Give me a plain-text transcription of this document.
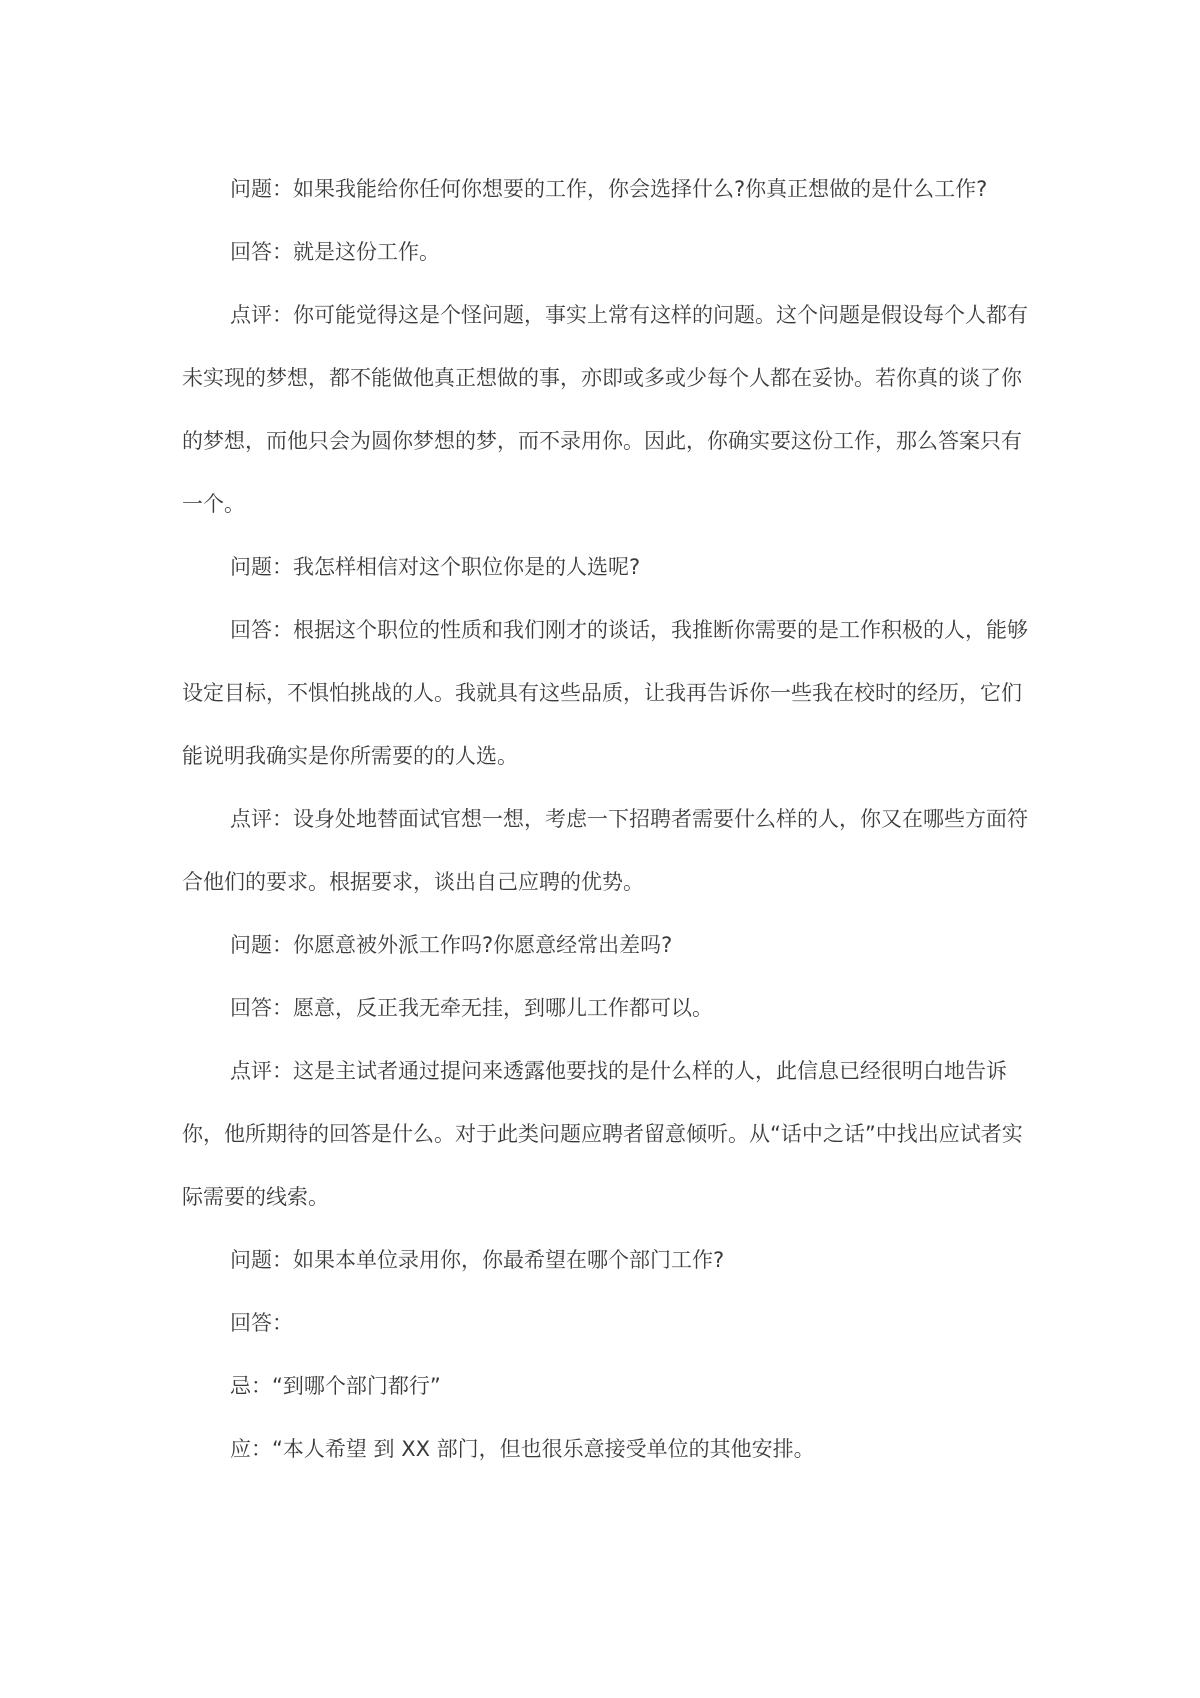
问题：如果我能给你任何你想要的工作，你会选择什么?你真正想做的是什么工作?

回答：就是这份工作。

点评：你可能觉得这是个怪问题，事实上常有这样的问题。这个问题是假设每个人都有未实现的梦想，都不能做他真正想做的事，亦即或多或少每个人都在妥协。若你真的谈了你的梦想，而他只会为圆你梦想的梦，而不录用你。因此，你确实要这份工作，那么答案只有一个。

问题：我怎样相信对这个职位你是的人选呢?

回答：根据这个职位的性质和我们刚才的谈话，我推断你需要的是工作积极的人，能够设定目标，不惧怕挑战的人。我就具有这些品质，让我再告诉你一些我在校时的经历，它们能说明我确实是你所需要的的人选。

点评：设身处地替面试官想一想，考虑一下招聘者需要什么样的人，你又在哪些方面符合他们的要求。根据要求，谈出自己应聘的优势。

问题：你愿意被外派工作吗?你愿意经常出差吗?

回答：愿意，反正我无牵无挂，到哪儿工作都可以。

点评：这是主试者通过提问来透露他要找的是什么样的人，此信息已经很明白地告诉你，他所期待的回答是什么。对于此类问题应聘者留意倾听。从“话中之话”中找出应试者实际需要的线索。

问题：如果本单位录用你，你最希望在哪个部门工作?

回答：

忌：“到哪个部门都行”

应：“本人希望 到 XX 部门，但也很乐意接受单位的其他安排。
